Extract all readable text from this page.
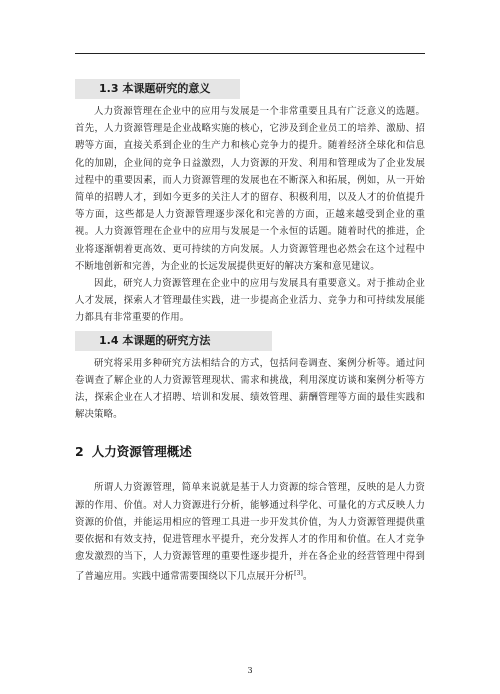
1.3 本课题研究的意义

人力资源管理在企业中的应用与发展是一个非常重要且具有广泛意义的选题。首先，人力资源管理是企业战略实施的核心，它涉及到企业员工的培养、激励、招聘等方面，直接关系到企业的生产力和核心竞争力的提升。随着经济全球化和信息化的加剧，企业间的竞争日益激烈，人力资源的开发、利用和管理成为了企业发展过程中的重要因素，而人力资源管理的发展也在不断深入和拓展，例如，从一开始简单的招聘人才，到如今更多的关注人才的留存、积极利用，以及人才的价值提升等方面，这些都是人力资源管理逐步深化和完善的方面，正越来越受到企业的重视。人力资源管理在企业中的应用与发展是一个永恒的话题。随着时代的推进，企业将逐渐朝着更高效、更可持续的方向发展。人力资源管理也必然会在这个过程中不断地创新和完善，为企业的长远发展提供更好的解决方案和意见建议。

因此，研究人力资源管理在企业中的应用与发展具有重要意义。对于推动企业人才发展，探索人才管理最佳实践，进一步提高企业活力、竞争力和可持续发展能力都具有非常重要的作用。

1.4 本课题的研究方法

研究将采用多种研究方法相结合的方式，包括问卷调查、案例分析等。通过问卷调查了解企业的人力资源管理现状、需求和挑战，利用深度访谈和案例分析等方法，探索企业在人才招聘、培训和发展、绩效管理、薪酬管理等方面的最佳实践和解决策略。

2 人力资源管理概述

所谓人力资源管理，简单来说就是基于人力资源的综合管理，反映的是人力资源的作用、价值。对人力资源进行分析，能够通过科学化、可量化的方式反映人力资源的价值，并能运用相应的管理工具进一步开发其价值，为人力资源管理提供重要依据和有效支持，促进管理水平提升，充分发挥人才的作用和价值。在人才竞争愈发激烈的当下，人力资源管理的重要性逐步提升，并在各企业的经营管理中得到了普遍应用。实践中通常需要围绕以下几点展开分析[3]。

3
